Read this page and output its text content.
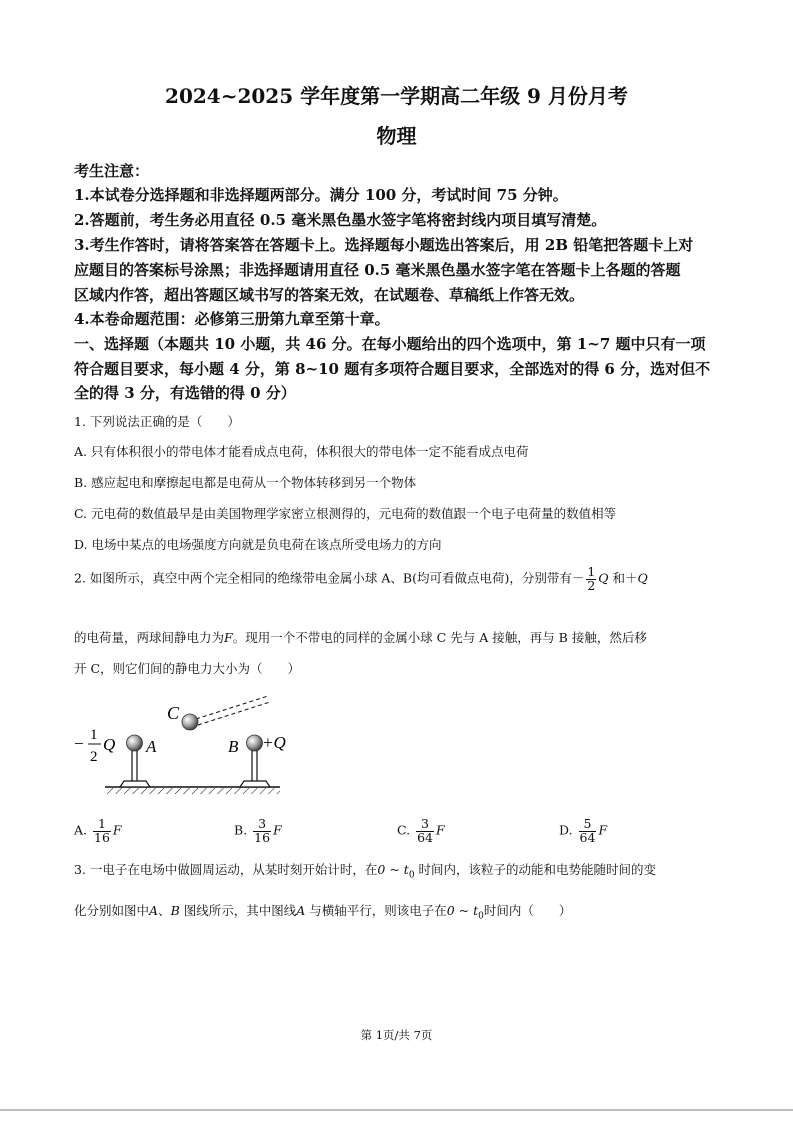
2024~2025 学年度第一学期高二年级 9 月份月考
物理
考生注意：
1.本试卷分选择题和非选择题两部分。满分 100 分，考试时间 75 分钟。
2.答题前，考生务必用直径 0.5 毫米黑色墨水签字笔将密封线内项目填写清楚。
3.考生作答时，请将答案答在答题卡上。选择题每小题选出答案后，用 2B 铅笔把答题卡上对
应题目的答案标号涂黑；非选择题请用直径 0.5 毫米黑色墨水签字笔在答题卡上各题的答题
区域内作答，超出答题区域书写的答案无效，在试题卷、草稿纸上作答无效。
4.本卷命题范围：必修第三册第九章至第十章。
一、选择题（本题共 10 小题，共 46 分。在每小题给出的四个选项中，第 1~7 题中只有一项
符合题目要求，每小题 4 分，第 8~10 题有多项符合题目要求，全部选对的得 6 分，选对但不
全的得 3 分，有选错的得 0 分）
1. 下列说法正确的是（　　）
A. 只有体积很小的带电体才能看成点电荷，体积很大的带电体一定不能看成点电荷
B. 感应起电和摩擦起电都是电荷从一个物体转移到另一个物体
C. 元电荷的数值最早是由美国物理学家密立根测得的，元电荷的数值跟一个电子电荷量的数值相等
D. 电场中某点的电场强度方向就是负电荷在该点所受电场力的方向
2. 如图所示，真空中两个完全相同的绝缘带电金属小球 A、B(均可看做点电荷)，分别带有－ $\frac{1}{2}$ Q 和＋Q
的电荷量，两球间静电力为F。现用一个不带电的同样的金属小球 C 先与 A 接触，再与 B 接触，然后移
开 C，则它们间的静电力大小为（　　）
C
A	B +Q
− 1
2
Q
A. $\frac{1}{16}$ F	B. $\frac{3}{16}$ F	C. $\frac{3}{64}$ F	D. $\frac{5}{64}$ F
3. 一电子在电场中做圆周运动，从某时刻开始计时，在0 ~ $t_0$ 时间内，该粒子的动能和电势能随时间的变
化分别如图中A、B 图线所示，其中图线A 与横轴平行，则该电子在0 ~ $t_0$时间内（　　）
第 1页/共 7页
